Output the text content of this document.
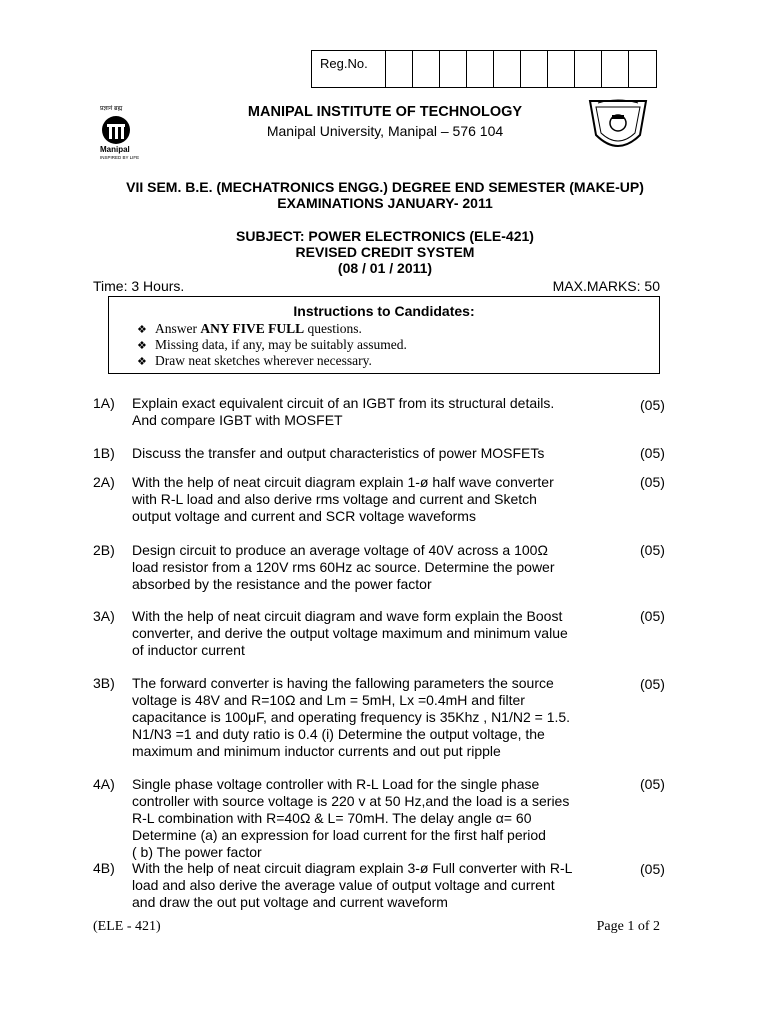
Reg.No.
प्रज्ञानं ब्रह्म
Manipal
INSPIRED BY LIFE
MANIPAL INSTITUTE OF TECHNOLOGY
Manipal University, Manipal – 576 104
VII SEM. B.E. (MECHATRONICS ENGG.) DEGREE END SEMESTER (MAKE-UP)
EXAMINATIONS JANUARY- 2011
SUBJECT: POWER ELECTRONICS (ELE-421)
REVISED CREDIT SYSTEM
(08 / 01 / 2011)
Time: 3 Hours.	MAX.MARKS: 50
Instructions to Candidates:
❖ Answer ANY FIVE FULL questions.
❖ Missing data, if any, may be suitably assumed.
❖ Draw neat sketches wherever necessary.
1A) Explain exact equivalent circuit of an IGBT from its structural details.
And compare IGBT with MOSFET
(05)
1B) Discuss the transfer and output characteristics of power MOSFETs	(05)
2A) With the help of neat circuit diagram explain 1-ø half wave converter
with R-L load and also derive rms voltage and current and Sketch
output voltage and current and SCR voltage waveforms
(05)
2B) Design circuit to produce an average voltage of 40V across a 100Ω
load resistor from a 120V rms 60Hz ac source. Determine the power
absorbed by the resistance and the power factor
(05)
3A) With the help of neat circuit diagram and wave form explain the Boost
converter, and derive the output voltage maximum and minimum value
of inductor current
(05)
3B) The forward converter is having the fallowing parameters the source
voltage is 48V and R=10Ω and Lm = 5mH, Lx =0.4mH and filter
capacitance is 100μF, and operating frequency is 35Khz , N1/N2 = 1.5.
N1/N3 =1 and duty ratio is 0.4 (i) Determine the output voltage, the
maximum and minimum inductor currents and out put ripple
(05)
4A) Single phase voltage controller with R-L Load for the single phase
controller with source voltage is 220 v at 50 Hz,and the load is a series
R-L combination with R=40Ω & L= 70mH. The delay angle α= 60
Determine (a) an expression for load current for the first half period
( b) The power factor
(05)
4B) With the help of neat circuit diagram explain 3-ø Full converter with R-L
load and also derive the average value of output voltage and current
and draw the out put voltage and current waveform
(05)
(ELE - 421)	Page 1 of 2
